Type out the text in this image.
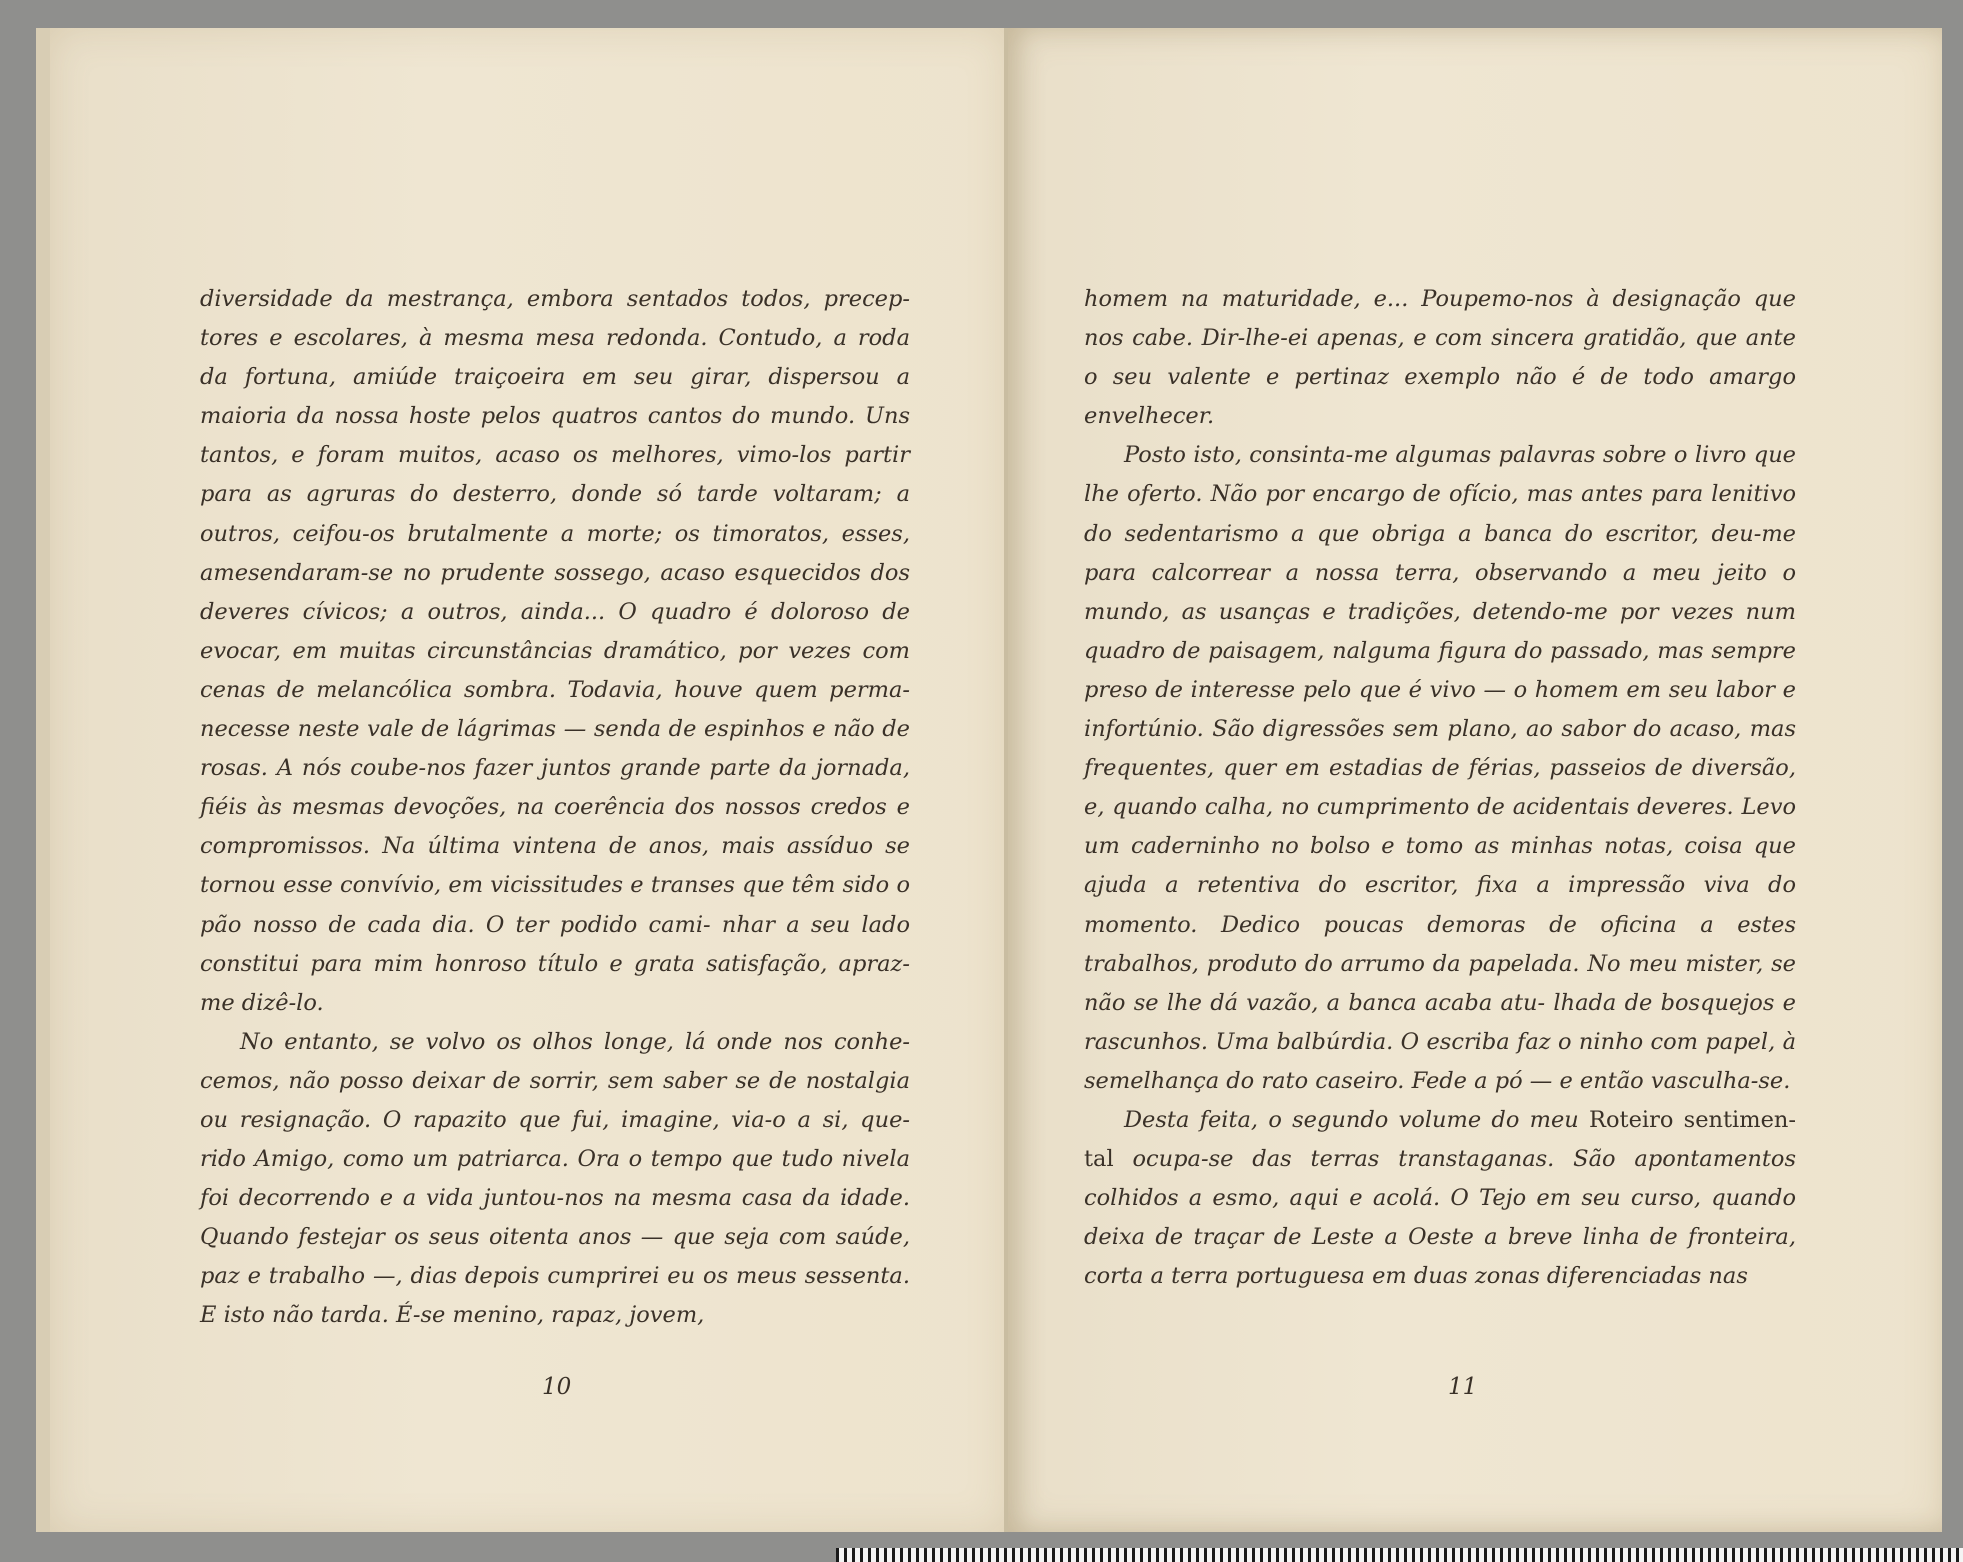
diversidade da mestrança, embora sentados todos, precep- tores e escolares, à mesma mesa redonda. Contudo, a roda da fortuna, amiúde traiçoeira em seu girar, dispersou a maioria da nossa hoste pelos quatros cantos do mundo. Uns tantos, e foram muitos, acaso os melhores, vimo-los partir para as agruras do desterro, donde só tarde voltaram; a outros, ceifou-os brutalmente a morte; os timoratos, esses, amesendaram-se no prudente sossego, acaso esquecidos dos deveres cívicos; a outros, ainda... O quadro é doloroso de evocar, em muitas circunstâncias dramático, por vezes com cenas de melancólica sombra. Todavia, houve quem perma- necesse neste vale de lágrimas — senda de espinhos e não de rosas. A nós coube-nos fazer juntos grande parte da jornada, fiéis às mesmas devoções, na coerência dos nossos credos e compromissos. Na última vintena de anos, mais assíduo se tornou esse convívio, em vicissitudes e transes que têm sido o pão nosso de cada dia. O ter podido cami- nhar a seu lado constitui para mim honroso título e grata satisfação, apraz-me dizê-lo.

No entanto, se volvo os olhos longe, lá onde nos conhe- cemos, não posso deixar de sorrir, sem saber se de nostalgia ou resignação. O rapazito que fui, imagine, via-o a si, que- rido Amigo, como um patriarca. Ora o tempo que tudo nivela foi decorrendo e a vida juntou-nos na mesma casa da idade. Quando festejar os seus oitenta anos — que seja com saúde, paz e trabalho —, dias depois cumprirei eu os meus sessenta. E isto não tarda. É-se menino, rapaz, jovem,

10

homem na maturidade, e... Poupemo-nos à designação que nos cabe. Dir-lhe-ei apenas, e com sincera gratidão, que ante o seu valente e pertinaz exemplo não é de todo amargo envelhecer.

Posto isto, consinta-me algumas palavras sobre o livro que lhe oferto. Não por encargo de ofício, mas antes para lenitivo do sedentarismo a que obriga a banca do escritor, deu-me para calcorrear a nossa terra, observando a meu jeito o mundo, as usanças e tradições, detendo-me por vezes num quadro de paisagem, nalguma figura do passado, mas sempre preso de interesse pelo que é vivo — o homem em seu labor e infortúnio. São digressões sem plano, ao sabor do acaso, mas frequentes, quer em estadias de férias, passeios de diversão, e, quando calha, no cumprimento de acidentais deveres. Levo um caderninho no bolso e tomo as minhas notas, coisa que ajuda a retentiva do escritor, fixa a impressão viva do momento. Dedico poucas demoras de oficina a estes trabalhos, produto do arrumo da papelada. No meu mister, se não se lhe dá vazão, a banca acaba atu- lhada de bosquejos e rascunhos. Uma balbúrdia. O escriba faz o ninho com papel, à semelhança do rato caseiro. Fede a pó — e então vasculha-se.

Desta feita, o segundo volume do meu Roteiro sentimen- tal ocupa-se das terras transtaganas. São apontamentos colhidos a esmo, aqui e acolá. O Tejo em seu curso, quando deixa de traçar de Leste a Oeste a breve linha de fronteira, corta a terra portuguesa em duas zonas diferenciadas nas

11
